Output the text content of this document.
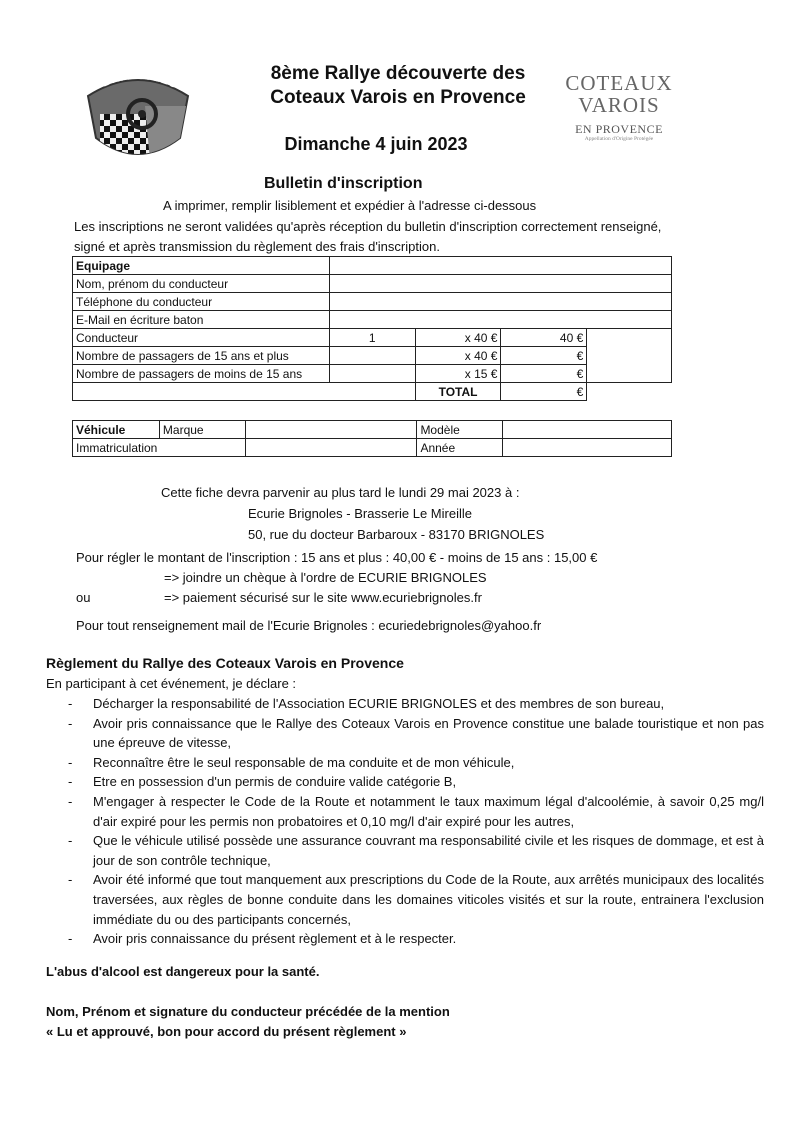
BRIGNOLES	8ème Rallye découverte des
Coteaux Varois en Provence
Dimanche 4 juin 2023
COTEAUX
VAROIS
EN PROVENCE
Appellation d'Origine Protégée
Bulletin d'inscription
A imprimer, remplir lisiblement et expédier à l'adresse ci-dessous
Les inscriptions ne seront validées qu'après réception du bulletin d'inscription correctement renseigné, signé et après transmission du règlement des frais d'inscription.
Equipage				
Nom, prénom du conducteur				
Téléphone du conducteur				
E-Mail en écriture baton				
Conducteur	1	x 40 €	40 €	
Nombre de passagers de 15 ans et plus		x 40 €	€	
Nombre de passagers de moins de 15 ans		x 15 €	€	
		TOTAL	€	
Véhicule	Marque		Modèle	
Immatriculation			Année	
Cette fiche devra parvenir au plus tard le lundi 29 mai 2023 à :
Ecurie Brignoles - Brasserie Le Mireille
50, rue du docteur Barbaroux - 83170 BRIGNOLES
Pour régler le montant de l'inscription : 15 ans et plus : 40,00 € - moins de 15 ans : 15,00 €
=> joindre un chèque à l'ordre de ECURIE BRIGNOLES
ou	=> paiement sécurisé sur le site www.ecuriebrignoles.fr
Pour tout renseignement mail de l'Ecurie Brignoles : ecuriedebrignoles@yahoo.fr
Règlement du Rallye des Coteaux Varois en Provence
En participant à cet événement, je déclare :
- Décharger la responsabilité de l'Association ECURIE BRIGNOLES et des membres de son bureau,
- Avoir pris connaissance que le Rallye des Coteaux Varois en Provence constitue une balade touristique et non pas une épreuve de vitesse,
- Reconnaître être le seul responsable de ma conduite et de mon véhicule,
- Etre en possession d'un permis de conduire valide catégorie B,
- M'engager à respecter le Code de la Route et notamment le taux maximum légal d'alcoolémie, à savoir 0,25 mg/l d'air expiré pour les permis non probatoires et 0,10 mg/l d'air expiré pour les autres,
- Que le véhicule utilisé possède une assurance couvrant ma responsabilité civile et les risques de dommage, et est à jour de son contrôle technique,
- Avoir été informé que tout manquement aux prescriptions du Code de la Route, aux arrêtés municipaux des localités traversées, aux règles de bonne conduite dans les domaines viticoles visités et sur la route, entrainera l'exclusion immédiate du ou des participants concernés,
- Avoir pris connaissance du présent règlement et à le respecter.
L'abus d'alcool est dangereux pour la santé.
Nom, Prénom et signature du conducteur précédée de la mention
« Lu et approuvé, bon pour accord du présent règlement »
